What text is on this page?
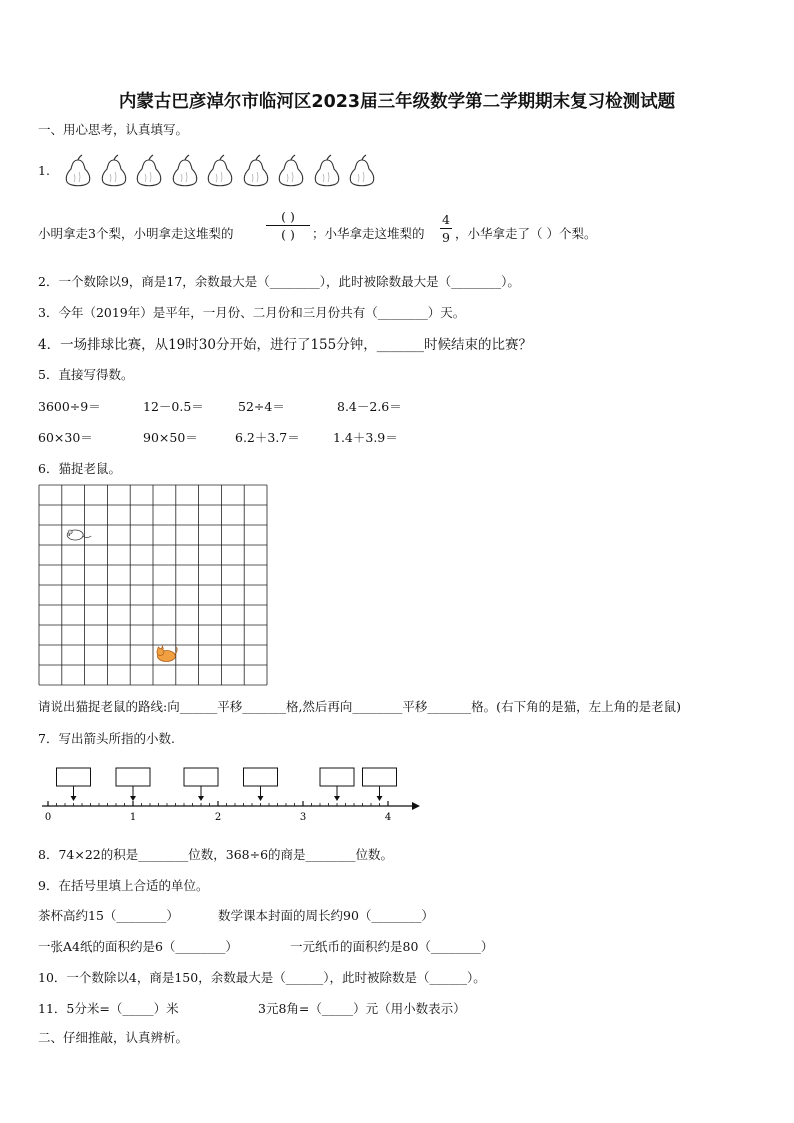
内蒙古巴彦淖尔市临河区2023届三年级数学第二学期期末复习检测试题
一、用心思考，认真填写。
1.
小明拿走3个梨，小明拿走这堆梨的
( )
( )	；小华拿走这堆梨的
4
9 ，小华拿走了（ ）个梨。
2．一个数除以9，商是17，余数最大是（________），此时被除数最大是（________）。
3．今年（2019年）是平年，一月份、二月份和三月份共有（________）天。
4．一场排球比赛，从19时30分开始，进行了155分钟，_______时候结束的比赛？
5．直接写得数。
3600÷9＝	12－0.5＝	52÷4＝	8.4－2.6＝
60×30＝	90×50＝	6.2＋3.7＝	1.4＋3.9＝
6．猫捉老鼠。
请说出猫捉老鼠的路线:向______平移_______格,然后再向________平移_______格。(右下角的是猫，左上角的是老鼠)
7．写出箭头所指的小数.
0	1	2	3	4
8．74×22的积是________位数，368÷6的商是________位数。
9．在括号里填上合适的单位。
茶杯高约15（________）	数学课本封面的周长约90（________）
一张A4纸的面积约是6（________）	一元纸币的面积约是80（________）
10．一个数除以4，商是150，余数最大是（______），此时被除数是（______）。
11．5分米=（_____）米	3元8角=（_____）元（用小数表示）
二、仔细推敲，认真辨析。
